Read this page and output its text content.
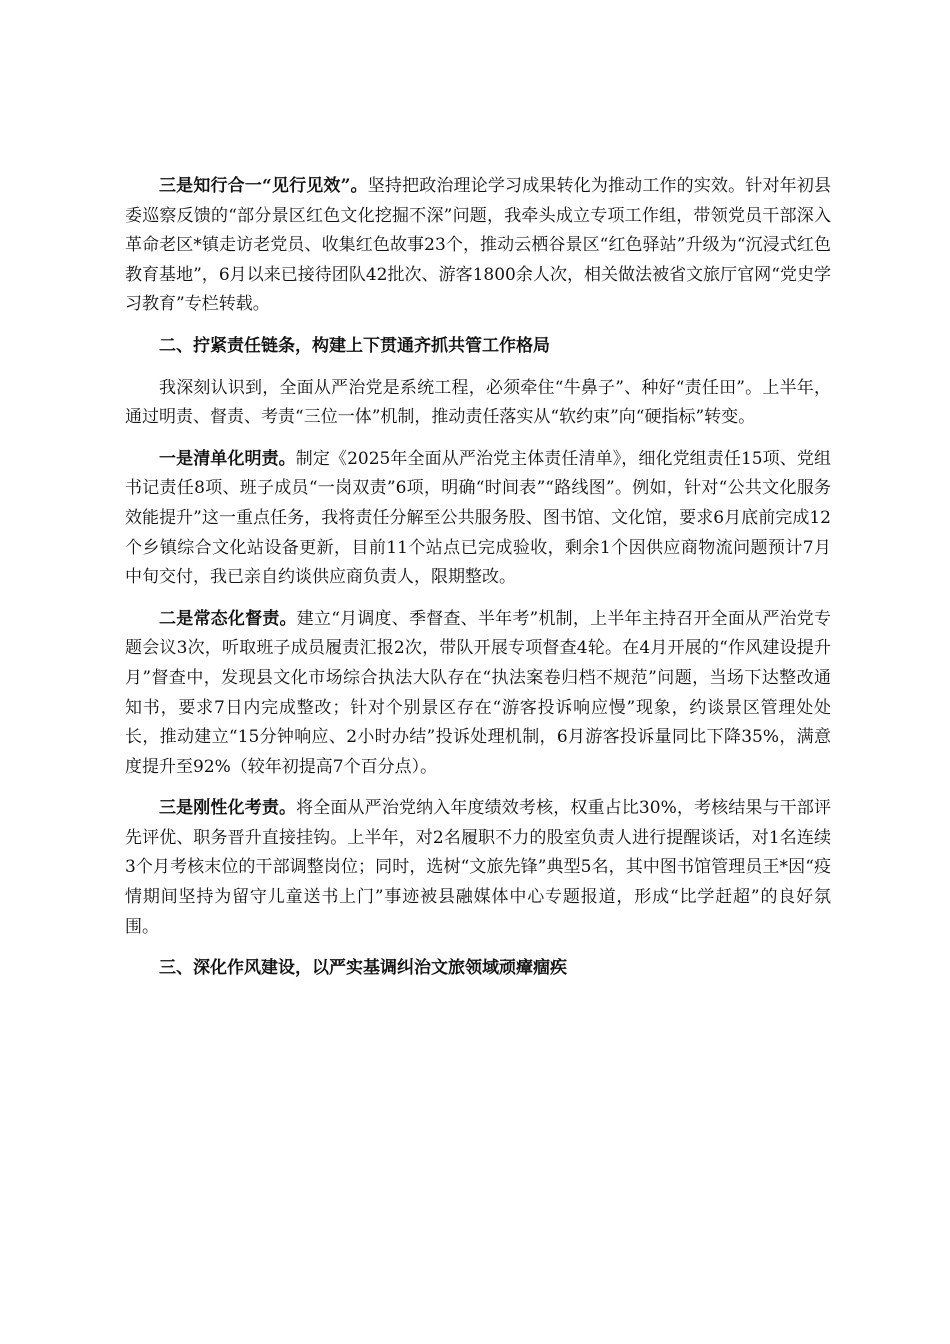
三是知行合一“见行见效”。坚持把政治理论学习成果转化为推动工作的实效。针对年初县委巡察反馈的“部分景区红色文化挖掘不深”问题，我牵头成立专项工作组，带领党员干部深入革命老区*镇走访老党员、收集红色故事23个，推动云栖谷景区“红色驿站”升级为“沉浸式红色教育基地”，6月以来已接待团队42批次、游客1800余人次，相关做法被省文旅厅官网“党史学习教育”专栏转载。

二、拧紧责任链条，构建上下贯通齐抓共管工作格局

我深刻认识到，全面从严治党是系统工程，必须牵住“牛鼻子”、种好“责任田”。上半年，通过明责、督责、考责“三位一体”机制，推动责任落实从“软约束”向“硬指标”转变。

一是清单化明责。制定《2025年全面从严治党主体责任清单》，细化党组责任15项、党组书记责任8项、班子成员“一岗双责”6项，明确“时间表”“路线图”。例如，针对“公共文化服务效能提升”这一重点任务，我将责任分解至公共服务股、图书馆、文化馆，要求6月底前完成12个乡镇综合文化站设备更新，目前11个站点已完成验收，剩余1个因供应商物流问题预计7月中旬交付，我已亲自约谈供应商负责人，限期整改。

二是常态化督责。建立“月调度、季督查、半年考”机制，上半年主持召开全面从严治党专题会议3次，听取班子成员履责汇报2次，带队开展专项督查4轮。在4月开展的“作风建设提升月”督查中，发现县文化市场综合执法大队存在“执法案卷归档不规范”问题，当场下达整改通知书，要求7日内完成整改；针对个别景区存在“游客投诉响应慢”现象，约谈景区管理处处长，推动建立“15分钟响应、2小时办结”投诉处理机制，6月游客投诉量同比下降35%，满意度提升至92%（较年初提高7个百分点）。

三是刚性化考责。将全面从严治党纳入年度绩效考核，权重占比30%，考核结果与干部评先评优、职务晋升直接挂钩。上半年，对2名履职不力的股室负责人进行提醒谈话，对1名连续3个月考核末位的干部调整岗位；同时，选树“文旅先锋”典型5名，其中图书馆管理员王*因“疫情期间坚持为留守儿童送书上门”事迹被县融媒体中心专题报道，形成“比学赶超”的良好氛围。

三、深化作风建设，以严实基调纠治文旅领域顽瘴痼疾
